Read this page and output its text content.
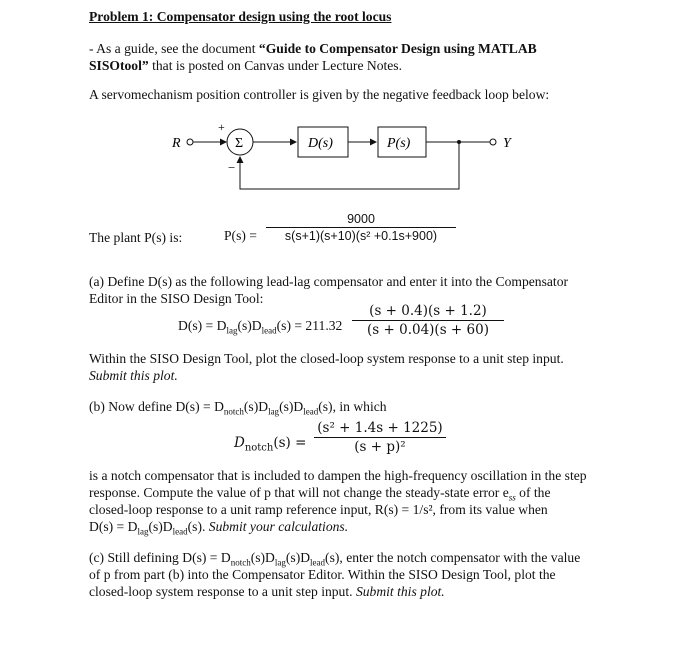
Problem 1: Compensator design using the root locus
- As a guide, see the document “Guide to Compensator Design using MATLAB
SISOtool” that is posted on Canvas under Lecture Notes.
A servomechanism position controller is given by the negative feedback loop below:
R
+
Σ	D(s)	P(s)	Y
−
The plant P(s) is:	P(s) =
9000
s(s+1)(s+10)(s² +0.1s+900)
(a) Define D(s) as the following lead-lag compensator and enter it into the Compensator
Editor in the SISO Design Tool:
$D(s) = D_{lag}(s)D_{lead}(s) = 211.32$
(s + 0.4)(s + 1.2)
(s + 0.04)(s + 60)
Within the SISO Design Tool, plot the closed-loop system response to a unit step input.
Submit this plot.
(b) Now define $D(s) = D_{notch}(s)D_{lag}(s)D_{lead}(s)$, in which
$D_{notch}(s)$ =
(s² + 1.4s + 1225)
(s + p)²
is a notch compensator that is included to dampen the high-frequency oscillation in the step
response. Compute the value of p that will not change the steady-state error $e_{ss}$ of the
closed-loop response to a unit ramp reference input, R(s) = 1/s², from its value when
$D(s) = D_{lag}(s)D_{lead}(s)$. Submit your calculations.
(c) Still defining $D(s) = D_{notch}(s)D_{lag}(s)D_{lead}(s)$, enter the notch compensator with the value
of p from part (b) into the Compensator Editor. Within the SISO Design Tool, plot the
closed-loop system response to a unit step input. Submit this plot.
